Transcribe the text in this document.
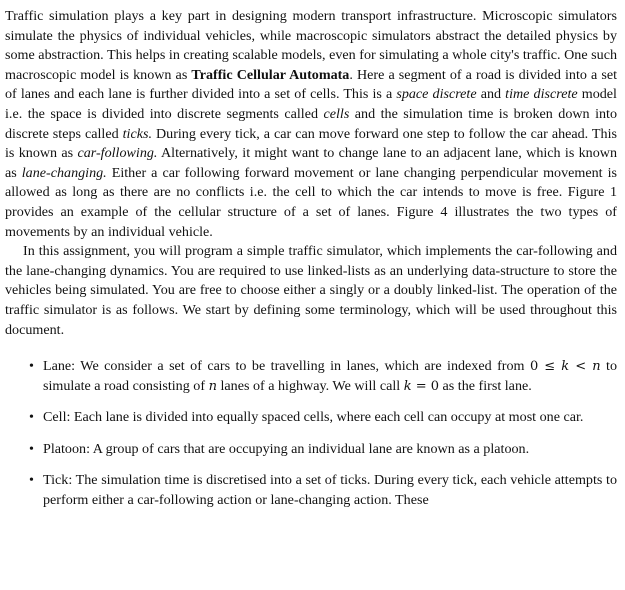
Traffic simulation plays a key part in designing modern transport infrastructure. Microscopic simulators simulate the physics of individual vehicles, while macroscopic simulators abstract the detailed physics by some abstraction. This helps in creating scalable models, even for simulating a whole city's traffic. One such macroscopic model is known as Traffic Cellular Automata. Here a segment of a road is divided into a set of lanes and each lane is further divided into a set of cells. This is a space discrete and time discrete model i.e. the space is divided into discrete segments called cells and the simulation time is broken down into discrete steps called ticks. During every tick, a car can move forward one step to follow the car ahead. This is known as car-following. Alternatively, it might want to change lane to an adjacent lane, which is known as lane-changing. Either a car following forward movement or lane changing perpendicular movement is allowed as long as there are no conflicts i.e. the cell to which the car intends to move is free. Figure 1 provides an example of the cellular structure of a set of lanes. Figure 4 illustrates the two types of movements by an individual vehicle.

In this assignment, you will program a simple traffic simulator, which implements the car-following and the lane-changing dynamics. You are required to use linked-lists as an underlying data-structure to store the vehicles being simulated. You are free to choose either a singly or a doubly linked-list. The operation of the traffic simulator is as follows. We start by defining some terminology, which will be used throughout this document.

• Lane: We consider a set of cars to be travelling in lanes, which are indexed from 0 ≤ k < n to simulate a road consisting of n lanes of a highway. We will call k = 0 as the first lane.
• Cell: Each lane is divided into equally spaced cells, where each cell can occupy at most one car.
• Platoon: A group of cars that are occupying an individual lane are known as a platoon.
• Tick: The simulation time is discretised into a set of ticks. During every tick, each vehicle attempts to perform either a car-following action or lane-changing action. These
